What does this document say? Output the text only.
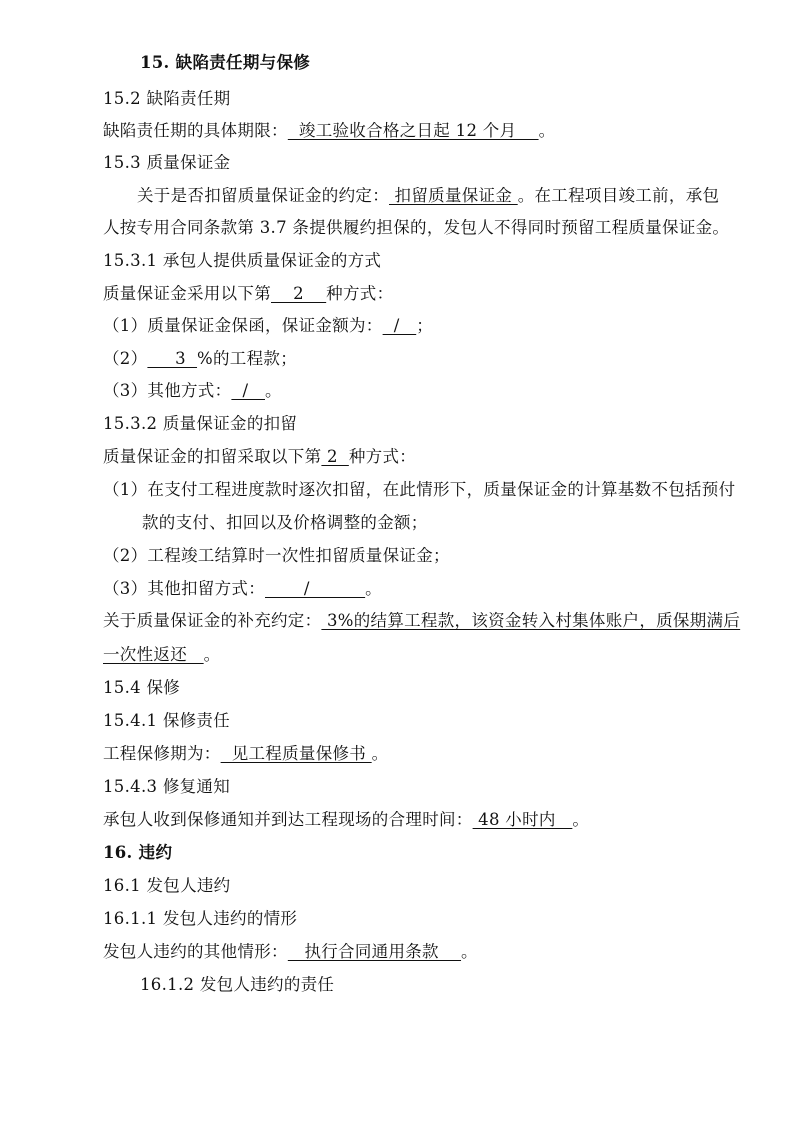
15. 缺陷责任期与保修
15.2 缺陷责任期
缺陷责任期的具体期限：  竣工验收合格之日起 12 个月    。
15.3 质量保证金
关于是否扣留质量保证金的约定： 扣留质量保证金 。在工程项目竣工前，承包
人按专用合同条款第 3.7 条提供履约担保的，发包人不得同时预留工程质量保证金。
15.3.1 承包人提供质量保证金的方式
质量保证金采用以下第    2    种方式：
（1）质量保证金保函，保证金额为：  /   ；
（2）     3  %的工程款；
（3）其他方式：  /   。
15.3.2 质量保证金的扣留
质量保证金的扣留采取以下第 2  种方式：
（1）在支付工程进度款时逐次扣留，在此情形下，质量保证金的计算基数不包括预付
款的支付、扣回以及价格调整的金额；
（2）工程竣工结算时一次性扣留质量保证金；
（3）其他扣留方式：       /          。
关于质量保证金的补充约定： 3%的结算工程款，该资金转入村集体账户，质保期满后
一次性返还   。
15.4 保修
15.4.1 保修责任
工程保修期为：  见工程质量保修书 。
15.4.3 修复通知
承包人收到保修通知并到达工程现场的合理时间： 48 小时内   。
16. 违约
16.1 发包人违约
16.1.1 发包人违约的情形
发包人违约的其他情形：   执行合同通用条款    。
16.1.2 发包人违约的责任
